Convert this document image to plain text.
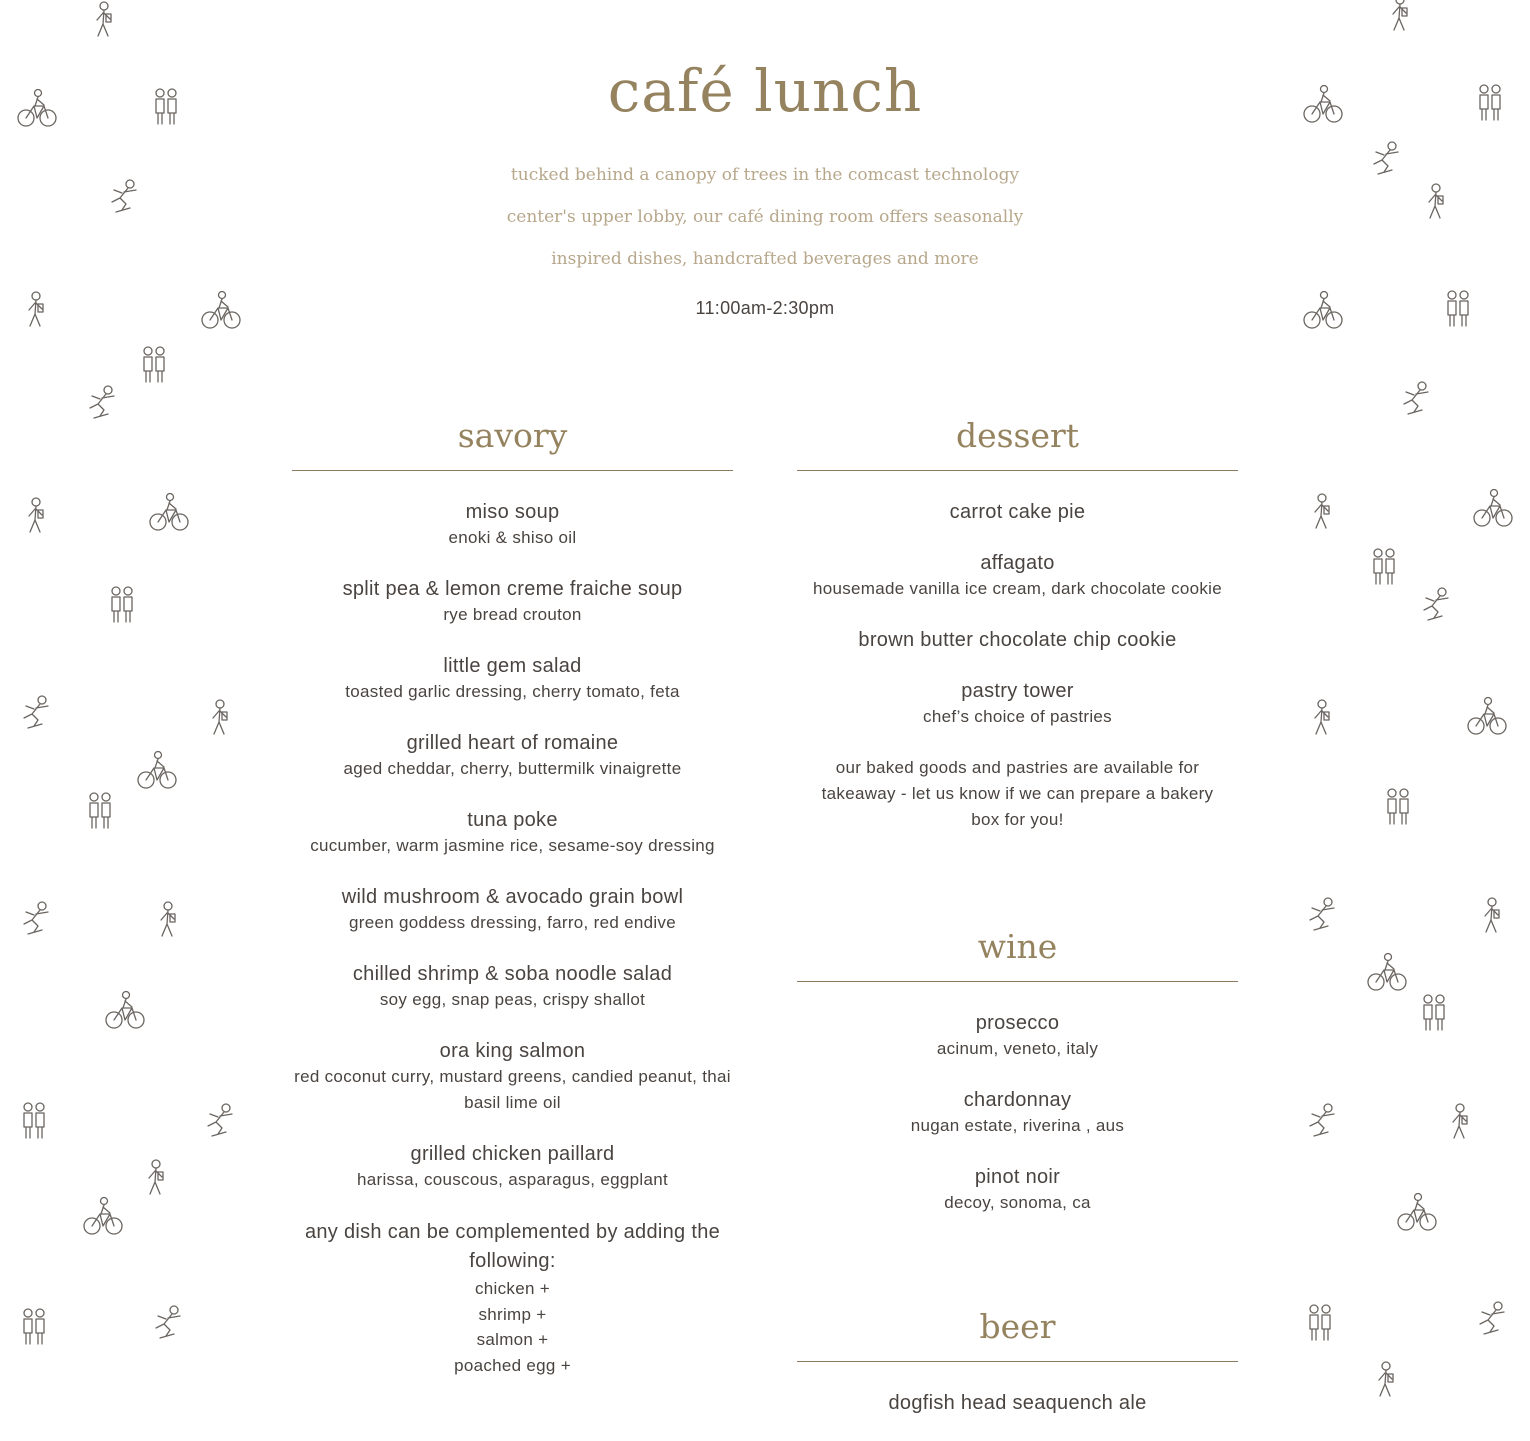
café lunch
tucked behind a canopy of trees in the comcast technology
center's upper lobby, our café dining room offers seasonally
inspired dishes, handcrafted beverages and more
11:00am-2:30pm
savory
miso soup
enoki & shiso oil
split pea & lemon creme fraiche soup
rye bread crouton
little gem salad
toasted garlic dressing, cherry tomato, feta
grilled heart of romaine
aged cheddar, cherry, buttermilk vinaigrette
tuna poke
cucumber, warm jasmine rice, sesame-soy dressing
wild mushroom & avocado grain bowl
green goddess dressing, farro, red endive
chilled shrimp & soba noodle salad
soy egg, snap peas, crispy shallot
ora king salmon
red coconut curry, mustard greens, candied peanut, thai basil lime oil
grilled chicken paillard
harissa, couscous, asparagus, eggplant
any dish can be complemented by adding the following:
chicken +
shrimp +
salmon +
poached egg +
dessert
carrot cake pie
affagato
housemade vanilla ice cream, dark chocolate cookie
brown butter chocolate chip cookie
pastry tower
chef’s choice of pastries
our baked goods and pastries are available for takeaway - let us know if we can prepare a bakery box for you!
wine
prosecco
acinum, veneto, italy
chardonnay
nugan estate, riverina , aus
pinot noir
decoy, sonoma, ca
beer
dogfish head seaquench ale
